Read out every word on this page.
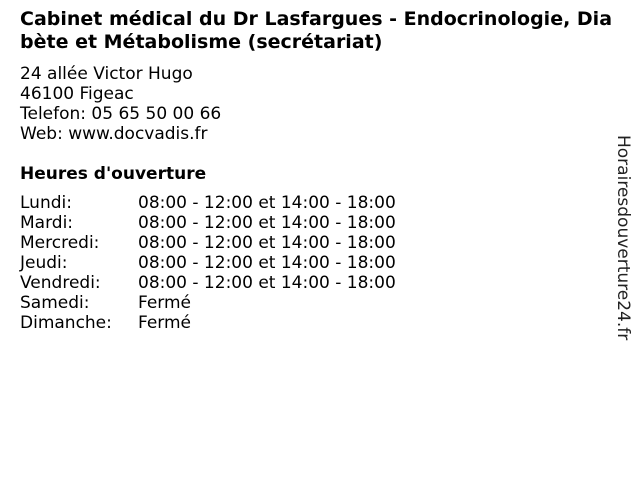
Cabinet médical du Dr Lasfargues - Endocrinologie, Diabète et Métabolisme (secrétariat)
24 allée Victor Hugo
46100 Figeac
Telefon: 05 65 50 00 66
Web: www.docvadis.fr
Heures d'ouverture
Lundi:	08:00 - 12:00 et 14:00 - 18:00
Mardi:	08:00 - 12:00 et 14:00 - 18:00
Mercredi:	08:00 - 12:00 et 14:00 - 18:00
Jeudi:	08:00 - 12:00 et 14:00 - 18:00
Vendredi:	08:00 - 12:00 et 14:00 - 18:00
Samedi:	Fermé
Dimanche:	Fermé	Horairesdouverture24.fr
